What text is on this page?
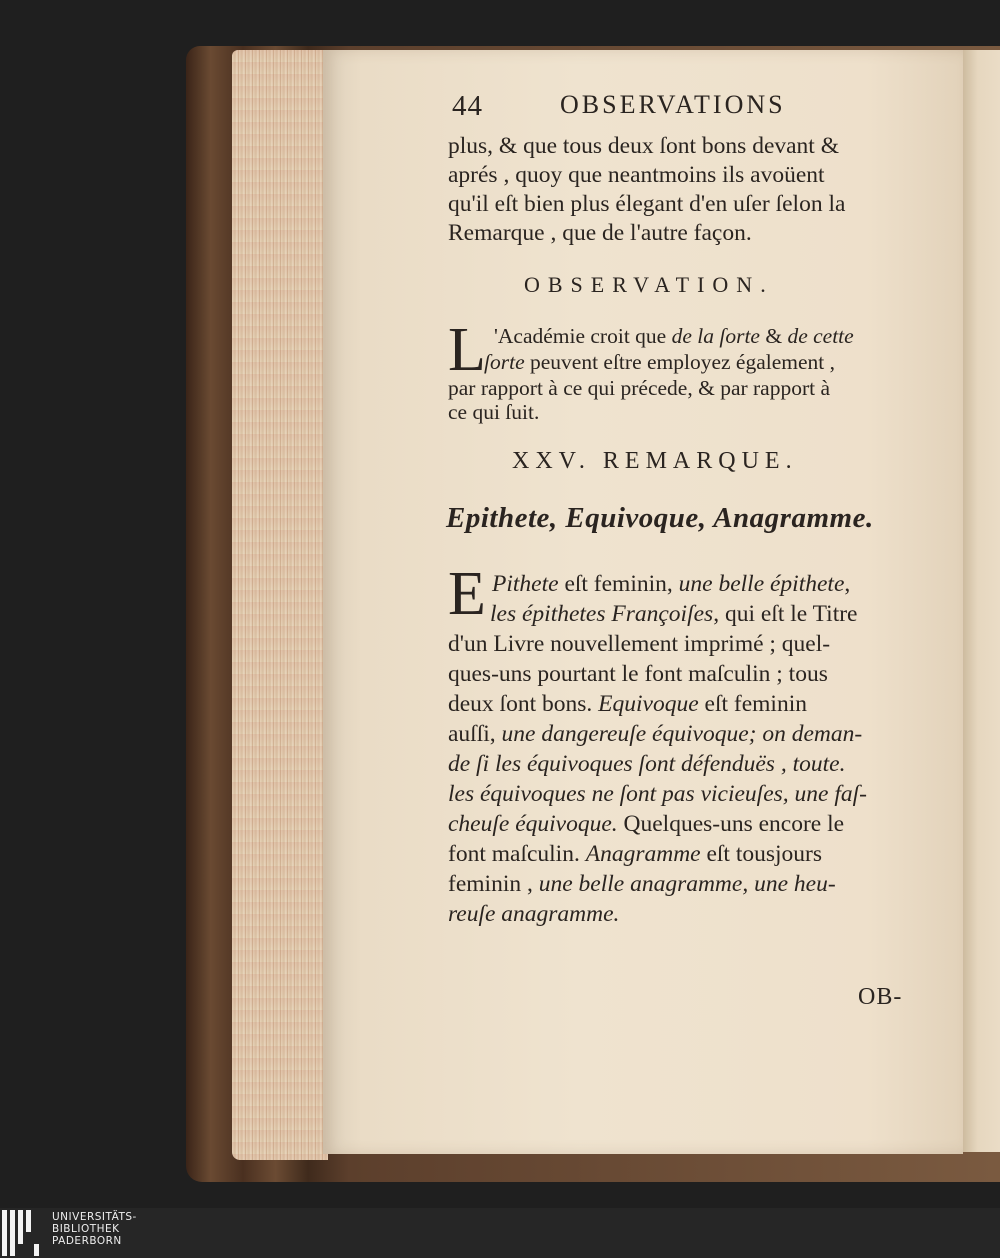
44	OBSERVATIONS
plus, & que tous deux ſont bons devant &
aprés , quoy que neantmoins ils avoüent
qu'il eſt bien plus élegant d'en uſer ſelon la
Remarque , que de l'autre façon.
OBSERVATION.
L 'Académie croit que de la ſorte & de cette
ſorte peuvent eſtre employez également ,
par rapport à ce qui précede, & par rapport à
ce qui ſuit.
XXV. REMARQUE.
Epithete, Equivoque, Anagramme.
E Pithete eſt feminin, une belle épithete,
les épithetes Françoiſes, qui eſt le Titre
d'un Livre nouvellement imprimé ; quel-
ques-uns pourtant le font maſculin ; tous
deux ſont bons. Equivoque eſt feminin
auſſi, une dangereuſe équivoque; on deman-
de ſi les équivoques ſont défenduës , toute.
les équivoques ne ſont pas vicieuſes, une faſ-
cheuſe équivoque. Quelques-uns encore le
font maſculin. Anagramme eſt tousjours
feminin , une belle anagramme, une heu-
reuſe anagramme.
OB-
UNIVERSITÄTS-
BIBLIOTHEK
PADERBORN
